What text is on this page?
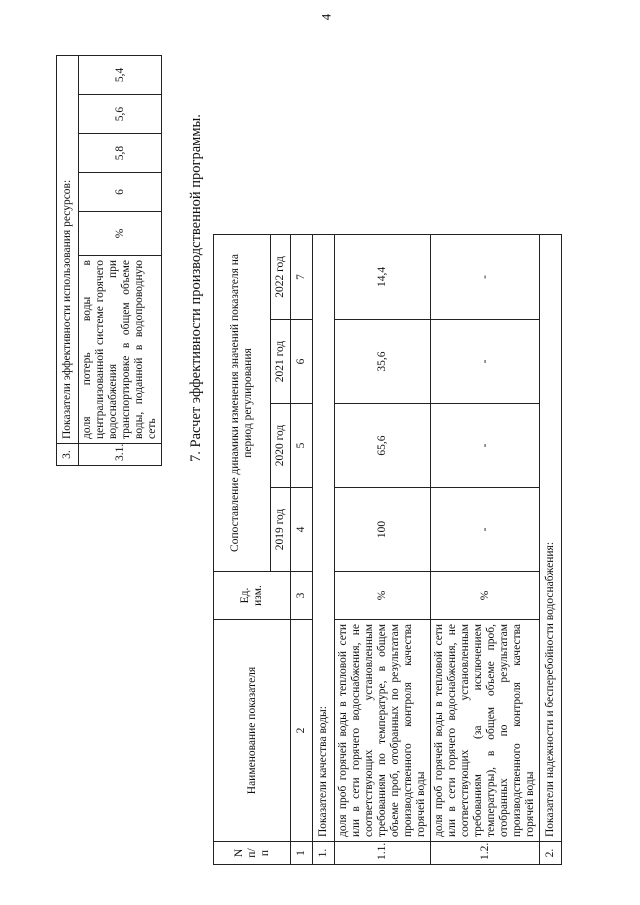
4
3.	Показатели эффективности использования ресурсов:					
3.1.	доля потерь воды в централизованной системе горячего водоснабжения при транспортировке в общем объеме воды, поданной в водопроводную сеть	%	6	5,8	5,6	5,4
7. Расчет эффективности производственной программы.
N п/п	Наименование показателя	Ед. изм.	Сопоставление динамики изменения значений показателя на период регулирования			
			2019 год	2020 год	2021 год	2022 год
1	2	3	4	5	6	7
1.	Показатели качества воды:					
1.1.	доля проб горячей воды в тепловой сети или в сети горячего водоснабжения, не соответствующих установленным требованиям по температуре, в общем объеме проб, отобранных по результатам производственного контроля качества горячей воды	%	100	65,6	35,6	14,4
1.2.	доля проб горячей воды в тепловой сети или в сети горячего водоснабжения, не соответствующих установленным требованиям (за исключением температуры), в общем объеме проб, отобранных по результатам производственного контроля качества горячей воды	%	-	-	-	-
2.	Показатели надежности и бесперебойности водоснабжения:					
